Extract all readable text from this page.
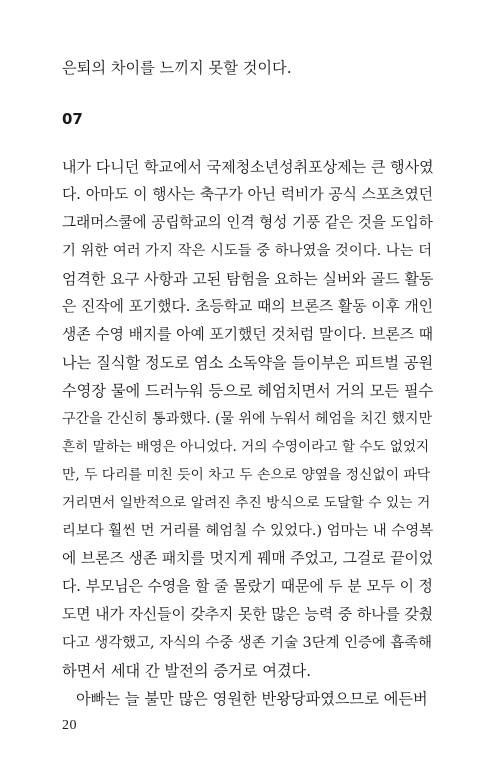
은퇴의 차이를 느끼지 못할 것이다.
07
내가 다니던 학교에서 국제청소년성취포상제는 큰 행사였
다. 아마도 이 행사는 축구가 아닌 럭비가 공식 스포츠였던
그래머스쿨에 공립학교의 인격 형성 기풍 같은 것을 도입하
기 위한 여러 가지 작은 시도들 중 하나였을 것이다. 나는 더
엄격한 요구 사항과 고된 탐험을 요하는 실버와 골드 활동
은 진작에 포기했다. 초등학교 때의 브론즈 활동 이후 개인
생존 수영 배지를 아예 포기했던 것처럼 말이다. 브론즈 때
나는 질식할 정도로 염소 소독약을 들이부은 피트벌 공원
수영장 물에 드러누워 등으로 헤엄치면서 거의 모든 필수
구간을 간신히 통과했다. (물 위에 누워서 헤엄을 치긴 했지만
흔히 말하는 배영은 아니었다. 거의 수영이라고 할 수도 없었지
만, 두 다리를 미친 듯이 차고 두 손으로 양옆을 정신없이 파닥
거리면서 일반적으로 알려진 추진 방식으로 도달할 수 있는 거
리보다 훨씬 먼 거리를 헤엄칠 수 있었다.) 엄마는 내 수영복
에 브론즈 생존 패치를 멋지게 꿰매 주었고, 그걸로 끝이었
다. 부모님은 수영을 할 줄 몰랐기 때문에 두 분 모두 이 정
도면 내가 자신들이 갖추지 못한 많은 능력 중 하나를 갖췄
다고 생각했고, 자식의 수중 생존 기술 3단계 인증에 흡족해
하면서 세대 간 발전의 증거로 여겼다.
아빠는 늘 불만 많은 영원한 반왕당파였으므로 에든버
20
